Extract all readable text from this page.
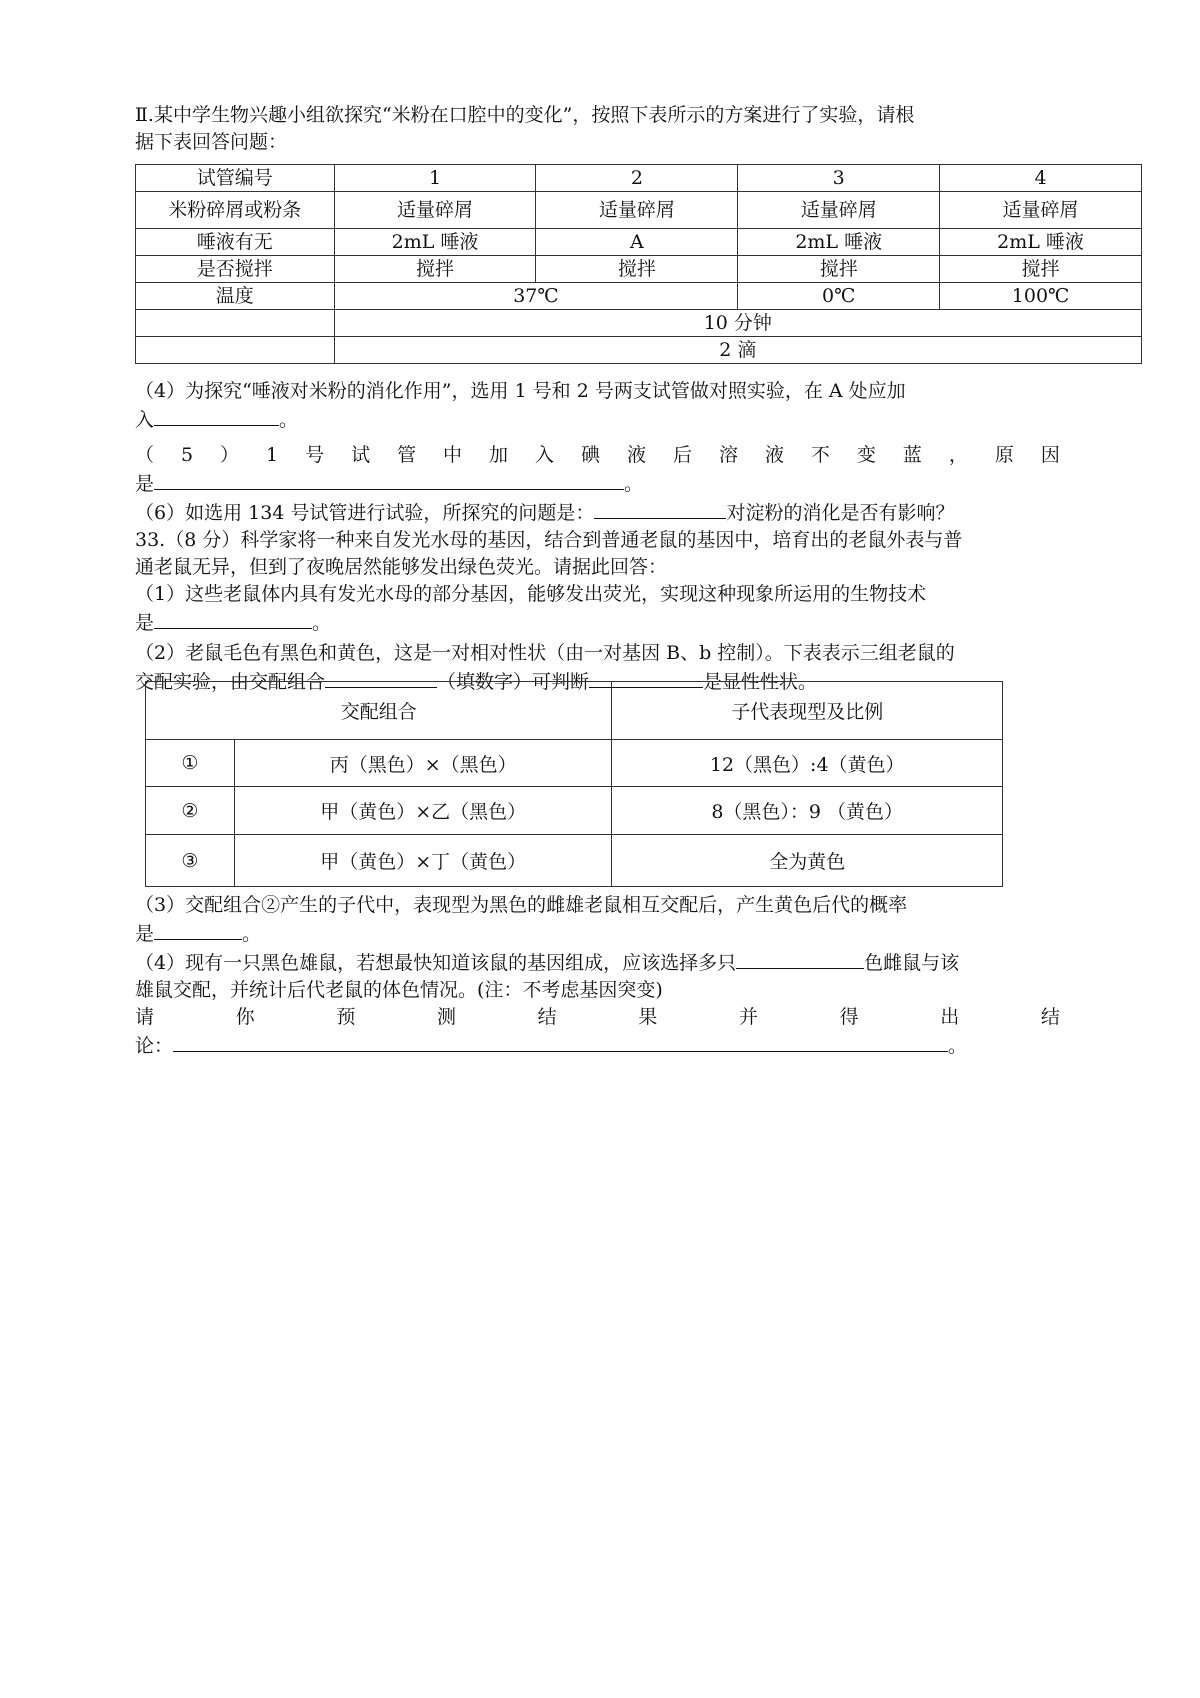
Ⅱ.某中学生物兴趣小组欲探究“米粉在口腔中的变化”，按照下表所示的方案进行了实验，请根
据下表回答问题：
试管编号	1	2	3	4
米粉碎屑或粉条	适量碎屑	适量碎屑	适量碎屑	适量碎屑
唾液有无	2mL 唾液	A	2mL 唾液	2mL 唾液
是否搅拌	搅拌	搅拌	搅拌	搅拌
温度	37℃		0℃	100℃
	10 分钟			
	2 滴			
（4）为探究“唾液对米粉的消化作用”，选用 1 号和 2 号两支试管做对照实验，在 A 处应加
入	。
（ 5 ） 1 号 试 管 中 加 入 碘 液 后 溶 液 不 变 蓝 ， 原 因
是	。
（6）如选用 134 号试管进行试验，所探究的问题是：	对淀粉的消化是否有影响？
33.（8 分）科学家将一种来自发光水母的基因，结合到普通老鼠的基因中，培育出的老鼠外表与普
通老鼠无异，但到了夜晚居然能够发出绿色荧光。请据此回答：
（1）这些老鼠体内具有发光水母的部分基因，能够发出荧光，实现这种现象所运用的生物技术
是	。
（2）老鼠毛色有黑色和黄色，这是一对相对性状（由一对基因 B、b 控制）。下表表示三组老鼠的
交配实验，由交配组合	（填数字）可判断	是显性性状。
交配组合		子代表现型及比例
①	丙（黑色）×（黑色）	12（黑色）:4（黄色）
②	甲（黄色）×乙（黑色）	8（黑色）：9 （黄色）
③	甲（黄色）×丁（黄色）	全为黄色
（3）交配组合②产生的子代中，表现型为黑色的雌雄老鼠相互交配后，产生黄色后代的概率
是	。
（4）现有一只黑色雄鼠，若想最快知道该鼠的基因组成，应该选择多只	色雌鼠与该
雄鼠交配，并统计后代老鼠的体色情况。(注：不考虑基因突变)
请	你	预	测	结	果	并	得	出	结
论：	。
